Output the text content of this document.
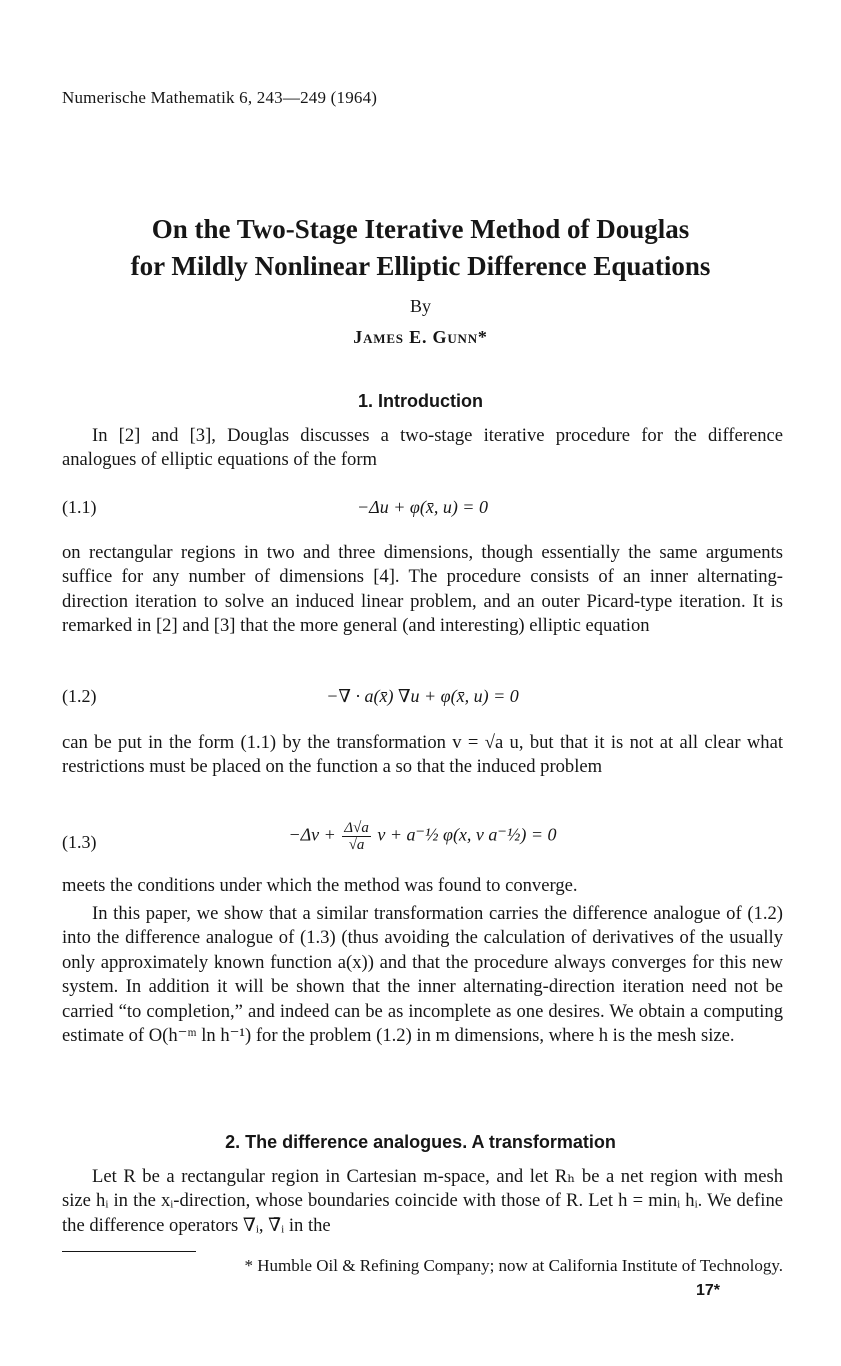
Numerische Mathematik 6, 243—249 (1964)
On the Two-Stage Iterative Method of Douglas
for Mildly Nonlinear Elliptic Difference Equations
By
James E. Gunn*
1. Introduction
In [2] and [3], Douglas discusses a two-stage iterative procedure for the difference analogues of elliptic equations of the form
(1.1)	−Δu + φ(x̄, u) = 0
on rectangular regions in two and three dimensions, though essentially the same arguments suffice for any number of dimensions [4]. The procedure consists of an inner alternating-direction iteration to solve an induced linear problem, and an outer Picard-type iteration. It is remarked in [2] and [3] that the more general (and interesting) elliptic equation
(1.2)	−∇ · a(x̄) ∇u + φ(x̄, u) = 0
can be put in the form (1.1) by the transformation v = √a u, but that it is not at all clear what restrictions must be placed on the function a so that the induced problem
(1.3)	$-\Delta v + \frac{\Delta√a}{√a}$ v + a⁻½ φ(x, v a⁻½) = 0
meets the conditions under which the method was found to converge.
In this paper, we show that a similar transformation carries the difference analogue of (1.2) into the difference analogue of (1.3) (thus avoiding the calculation of derivatives of the usually only approximately known function a(x)) and that the procedure always converges for this new system. In addition it will be shown that the inner alternating-direction iteration need not be carried “to completion,” and indeed can be as incomplete as one desires. We obtain a computing estimate of O(h⁻ᵐ ln h⁻¹) for the problem (1.2) in m dimensions, where h is the mesh size.
2. The difference analogues. A transformation
Let R be a rectangular region in Cartesian m-space, and let Rₕ be a net region with mesh size hᵢ in the xᵢ-direction, whose boundaries coincide with those of R. Let h = minᵢ hᵢ. We define the difference operators ∇ᵢ, ∇̄ᵢ in the
* Humble Oil & Refining Company; now at California Institute of Technology.
17*
